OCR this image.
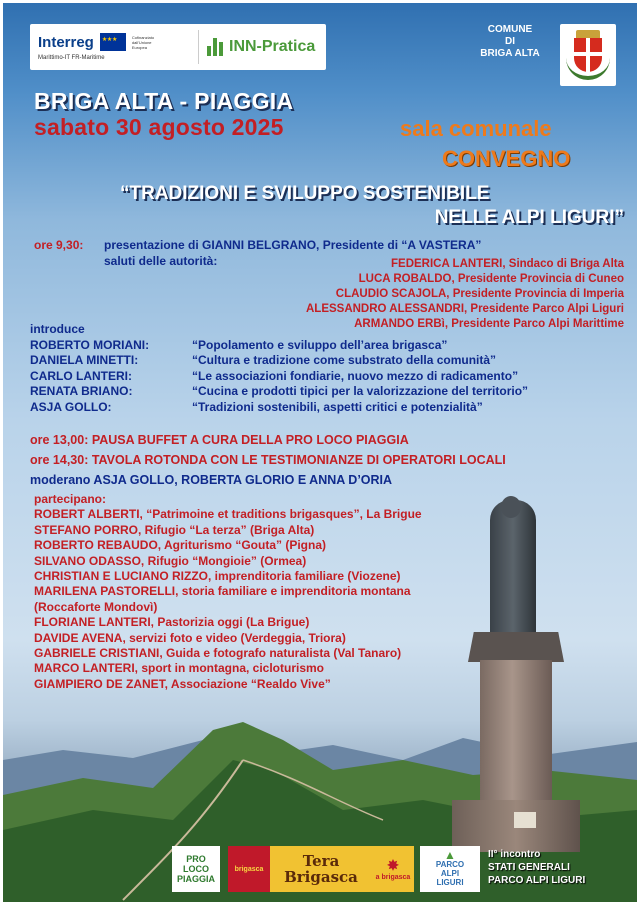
Interreg
★ ★ ★	Cofinanziato dall'Unione Europea
Marittimo-IT FR-Maritime
INN-Pratica
COMUNE
DI
BRIGA ALTA
BRIGA ALTA - PIAGGIA
sabato 30 agosto 2025	sala comunale
CONVEGNO
“TRADIZIONI E SVILUPPO SOSTENIBILE
NELLE ALPI LIGURI”
ore 9,30: presentazione di GIANNI BELGRANO, Presidente di “A VASTERA”
saluti delle autorità:	FEDERICA LANTERI, Sindaco di Briga Alta
LUCA ROBALDO, Presidente Provincia di Cuneo
CLAUDIO SCAJOLA, Presidente Provincia di Imperia
ALESSANDRO ALESSANDRI, Presidente Parco Alpi Liguri
ARMANDO ERBì, Presidente Parco Alpi Marittime
introduce
ROBERTO MORIANI:	“Popolamento e sviluppo dell’area brigasca”
DANIELA MINETTI:	“Cultura e tradizione come substrato della comunità”
CARLO LANTERI:	“Le associazioni fondiarie, nuovo mezzo di radicamento”
RENATA BRIANO:	“Cucina e prodotti tipici per la valorizzazione del territorio”
ASJA GOLLO:	“Tradizioni sostenibili, aspetti critici e potenzialità”
ore 13,00: PAUSA BUFFET A CURA DELLA PRO LOCO PIAGGIA
ore 14,30: TAVOLA ROTONDA CON LE TESTIMONIANZE DI OPERATORI LOCALI
moderano ASJA GOLLO, ROBERTA GLORIO E ANNA D’ORIA
partecipano:
ROBERT ALBERTI, “Patrimoine et traditions brigasques”, La Brigue
STEFANO PORRO, Rifugio “La terza” (Briga Alta)
ROBERTO REBAUDO, Agriturismo “Gouta” (Pigna)
SILVANO ODASSO, Rifugio “Mongioie” (Ormea)
CHRISTIAN E LUCIANO RIZZO, imprenditoria familiare (Viozene)
MARILENA PASTORELLI, storia familiare e imprenditoria montana
(Roccaforte Mondovì)
FLORIANE LANTERI, Pastorizia oggi (La Brigue)
DAVIDE AVENA, servizi foto e video (Verdeggia, Triora)
GABRIELE CRISTIANI, Guida e fotografo naturalista (Val Tanaro)
MARCO LANTERI, sport in montagna, cicloturismo
GIAMPIERO DE ZANET, Associazione “Realdo Vive”
PRO
LOCO
PIAGGIA
brigasca	Tera
Brigasca
✸
a brigasca
▲
PARCO
ALPI
LIGURI
II° incontro
STATI GENERALI
PARCO ALPI LIGURI
